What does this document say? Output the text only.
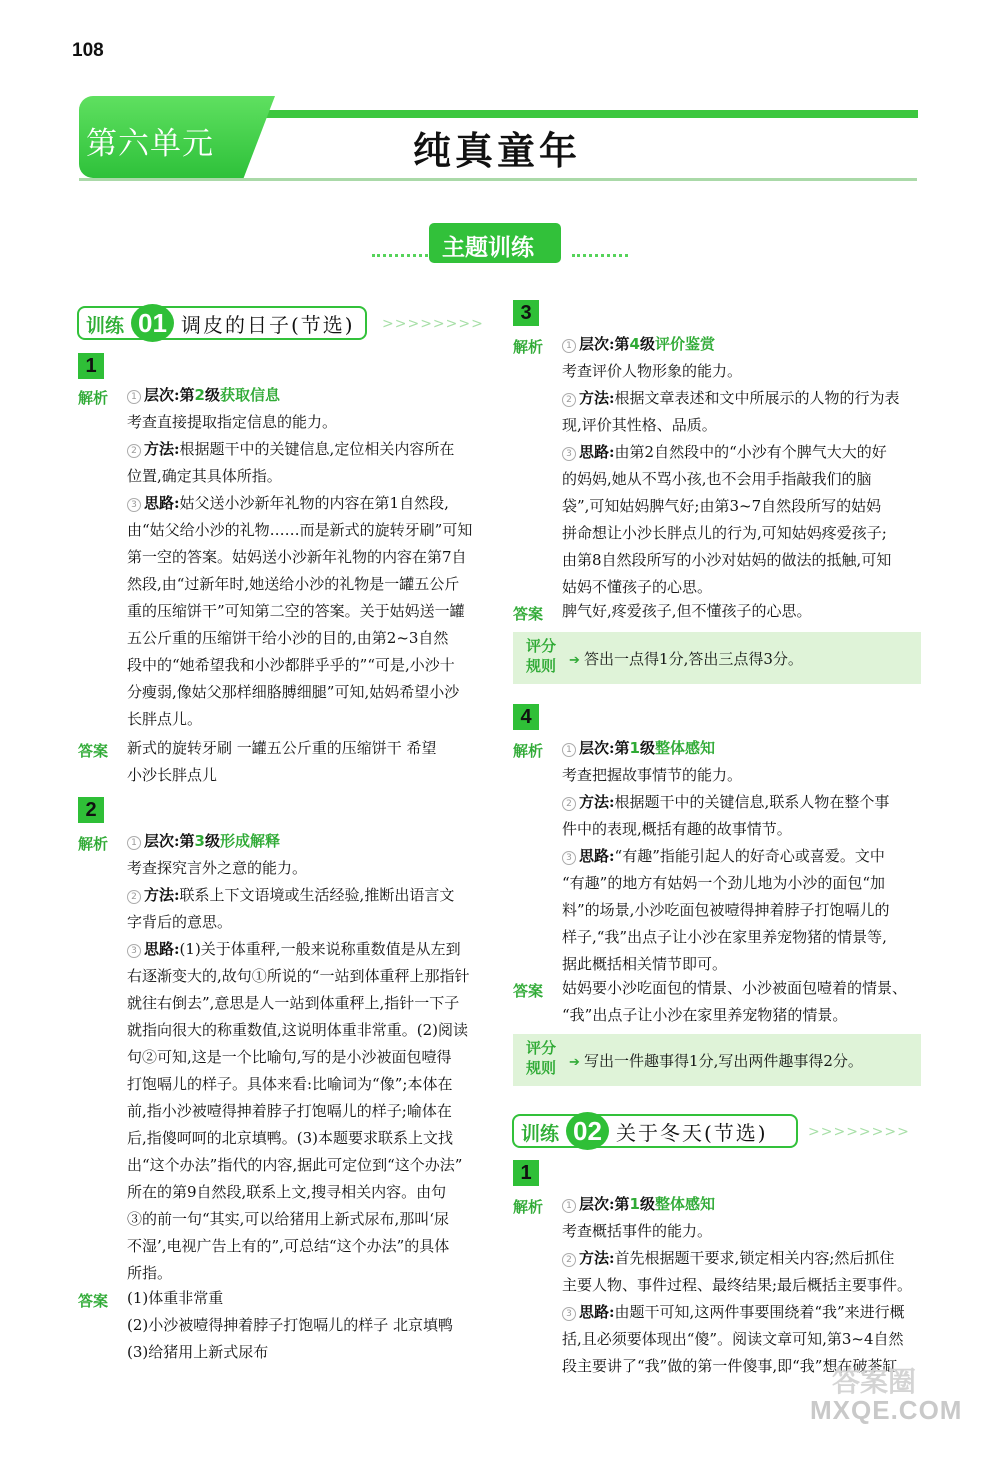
108
第六单元	纯真童年
主题训练
训练 01 调皮的日子(节选) >>>>>>>>
1
解析	1 层次:第2级获取信息
考查直接提取指定信息的能力。
2 方法:根据题干中的关键信息,定位相关内容所在
位置,确定其具体所指。
3 思路:姑父送小沙新年礼物的内容在第1自然段,
由“姑父给小沙的礼物……而是新式的旋转牙刷”可知
第一空的答案。姑妈送小沙新年礼物的内容在第7自
然段,由“过新年时,她送给小沙的礼物是一罐五公斤
重的压缩饼干”可知第二空的答案。关于姑妈送一罐
五公斤重的压缩饼干给小沙的目的,由第2~3自然
段中的“她希望我和小沙都胖乎乎的”“可是,小沙十
分瘦弱,像姑父那样细胳膊细腿”可知,姑妈希望小沙
长胖点儿。
答案 新式的旋转牙刷 一罐五公斤重的压缩饼干 希望
小沙长胖点儿
2
解析	1 层次:第3级形成解释
考查探究言外之意的能力。
2 方法:联系上下文语境或生活经验,推断出语言文
字背后的意思。
3 思路:(1)关于体重秤,一般来说称重数值是从左到
右逐渐变大的,故句①所说的“一站到体重秤上那指针
就往右倒去”,意思是人一站到体重秤上,指针一下子
就指向很大的称重数值,这说明体重非常重。(2)阅读
句②可知,这是一个比喻句,写的是小沙被面包噎得
打饱嗝儿的样子。具体来看:比喻词为“像”;本体在
前,指小沙被噎得抻着脖子打饱嗝儿的样子;喻体在
后,指傻呵呵的北京填鸭。(3)本题要求联系上文找
出“这个办法”指代的内容,据此可定位到“这个办法”
所在的第9自然段,联系上文,搜寻相关内容。由句
③的前一句“其实,可以给猪用上新式尿布,那叫‘尿
不湿’,电视广告上有的”,可总结“这个办法”的具体
所指。
答案 (1)体重非常重
(2)小沙被噎得抻着脖子打饱嗝儿的样子 北京填鸭
(3)给猪用上新式尿布
3
解析	1 层次:第4级评价鉴赏
考查评价人物形象的能力。
2 方法:根据文章表述和文中所展示的人物的行为表
现,评价其性格、品质。
3 思路:由第2自然段中的“小沙有个脾气大大的好
的妈妈,她从不骂小孩,也不会用手指敲我们的脑
袋”,可知姑妈脾气好;由第3~7自然段所写的姑妈
拼命想让小沙长胖点儿的行为,可知姑妈疼爱孩子;
由第8自然段所写的小沙对姑妈的做法的抵触,可知
姑妈不懂孩子的心思。
答案 脾气好,疼爱孩子,但不懂孩子的心思。
评分
规则 ➔ 答出一点得1分,答出三点得3分。
4
解析	1 层次:第1级整体感知
考查把握故事情节的能力。
2 方法:根据题干中的关键信息,联系人物在整个事
件中的表现,概括有趣的故事情节。
3 思路:“有趣”指能引起人的好奇心或喜爱。文中
“有趣”的地方有姑妈一个劲儿地为小沙的面包“加
料”的场景,小沙吃面包被噎得抻着脖子打饱嗝儿的
样子,“我”出点子让小沙在家里养宠物猪的情景等,
据此概括相关情节即可。
答案 姑妈要小沙吃面包的情景、小沙被面包噎着的情景、
“我”出点子让小沙在家里养宠物猪的情景。
评分
规则 ➔ 写出一件趣事得1分,写出两件趣事得2分。
训练 02 关于冬天(节选)	>>>>>>>>
1
解析	1 层次:第1级整体感知
考查概括事件的能力。
2 方法:首先根据题干要求,锁定相关内容;然后抓住
主要人物、事件过程、最终结果;最后概括主要事件。
3 思路:由题干可知,这两件事要围绕着“我”来进行概
括,且必须要体现出“傻”。阅读文章可知,第3~4自然
段主要讲了“我”做的第一件傻事,即“我”想在破茶缸
答案圈
MXQE.COM
